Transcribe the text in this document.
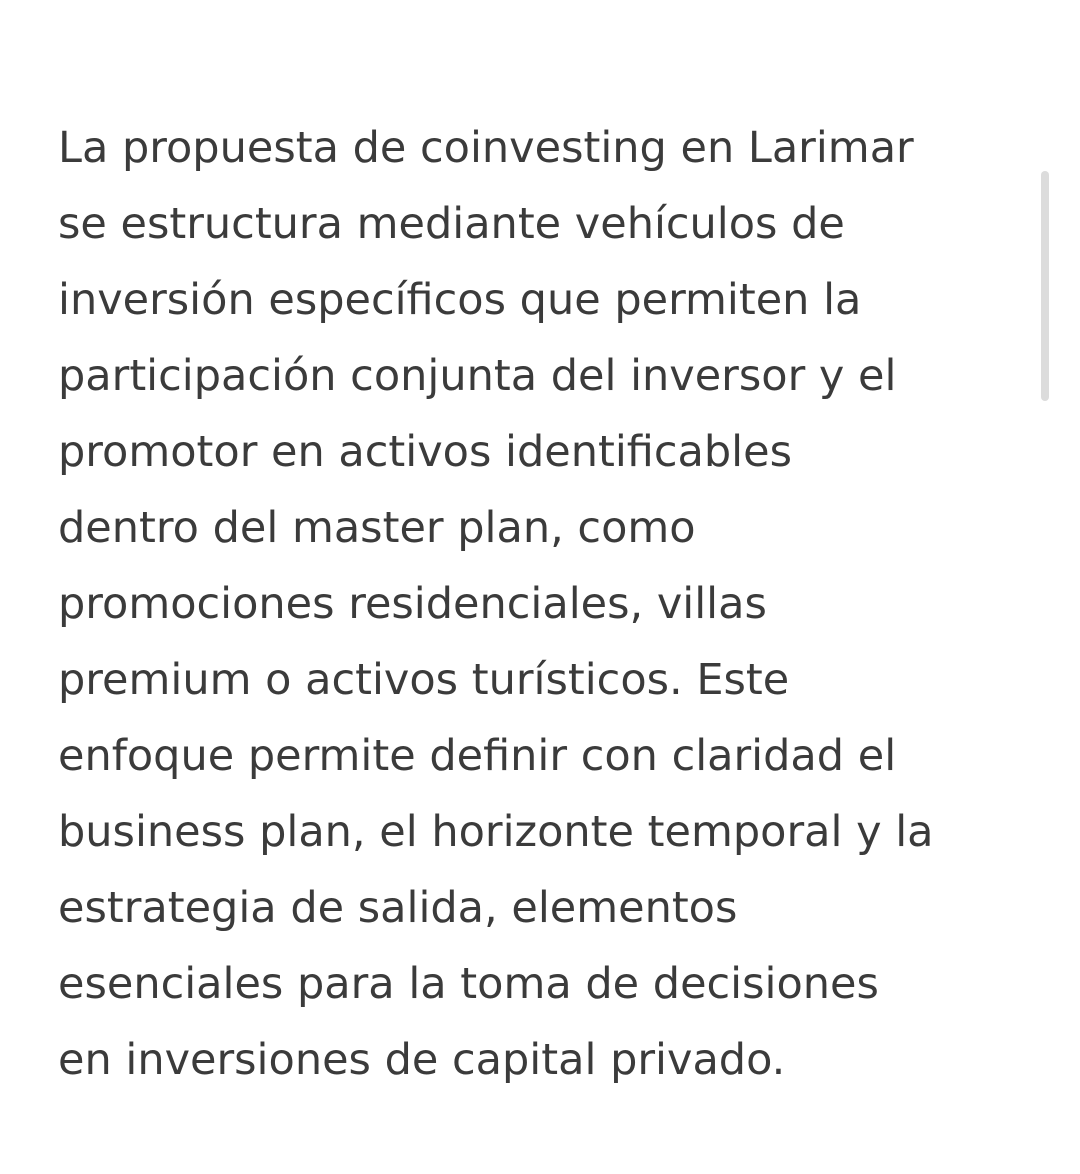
La propuesta de coinvesting en Larimar
se estructura mediante vehículos de
inversión específicos que permiten la
participación conjunta del inversor y el
promotor en activos identificables
dentro del master plan, como
promociones residenciales, villas
premium o activos turísticos. Este
enfoque permite definir con claridad el
business plan, el horizonte temporal y la
estrategia de salida, elementos
esenciales para la toma de decisiones
en inversiones de capital privado.
